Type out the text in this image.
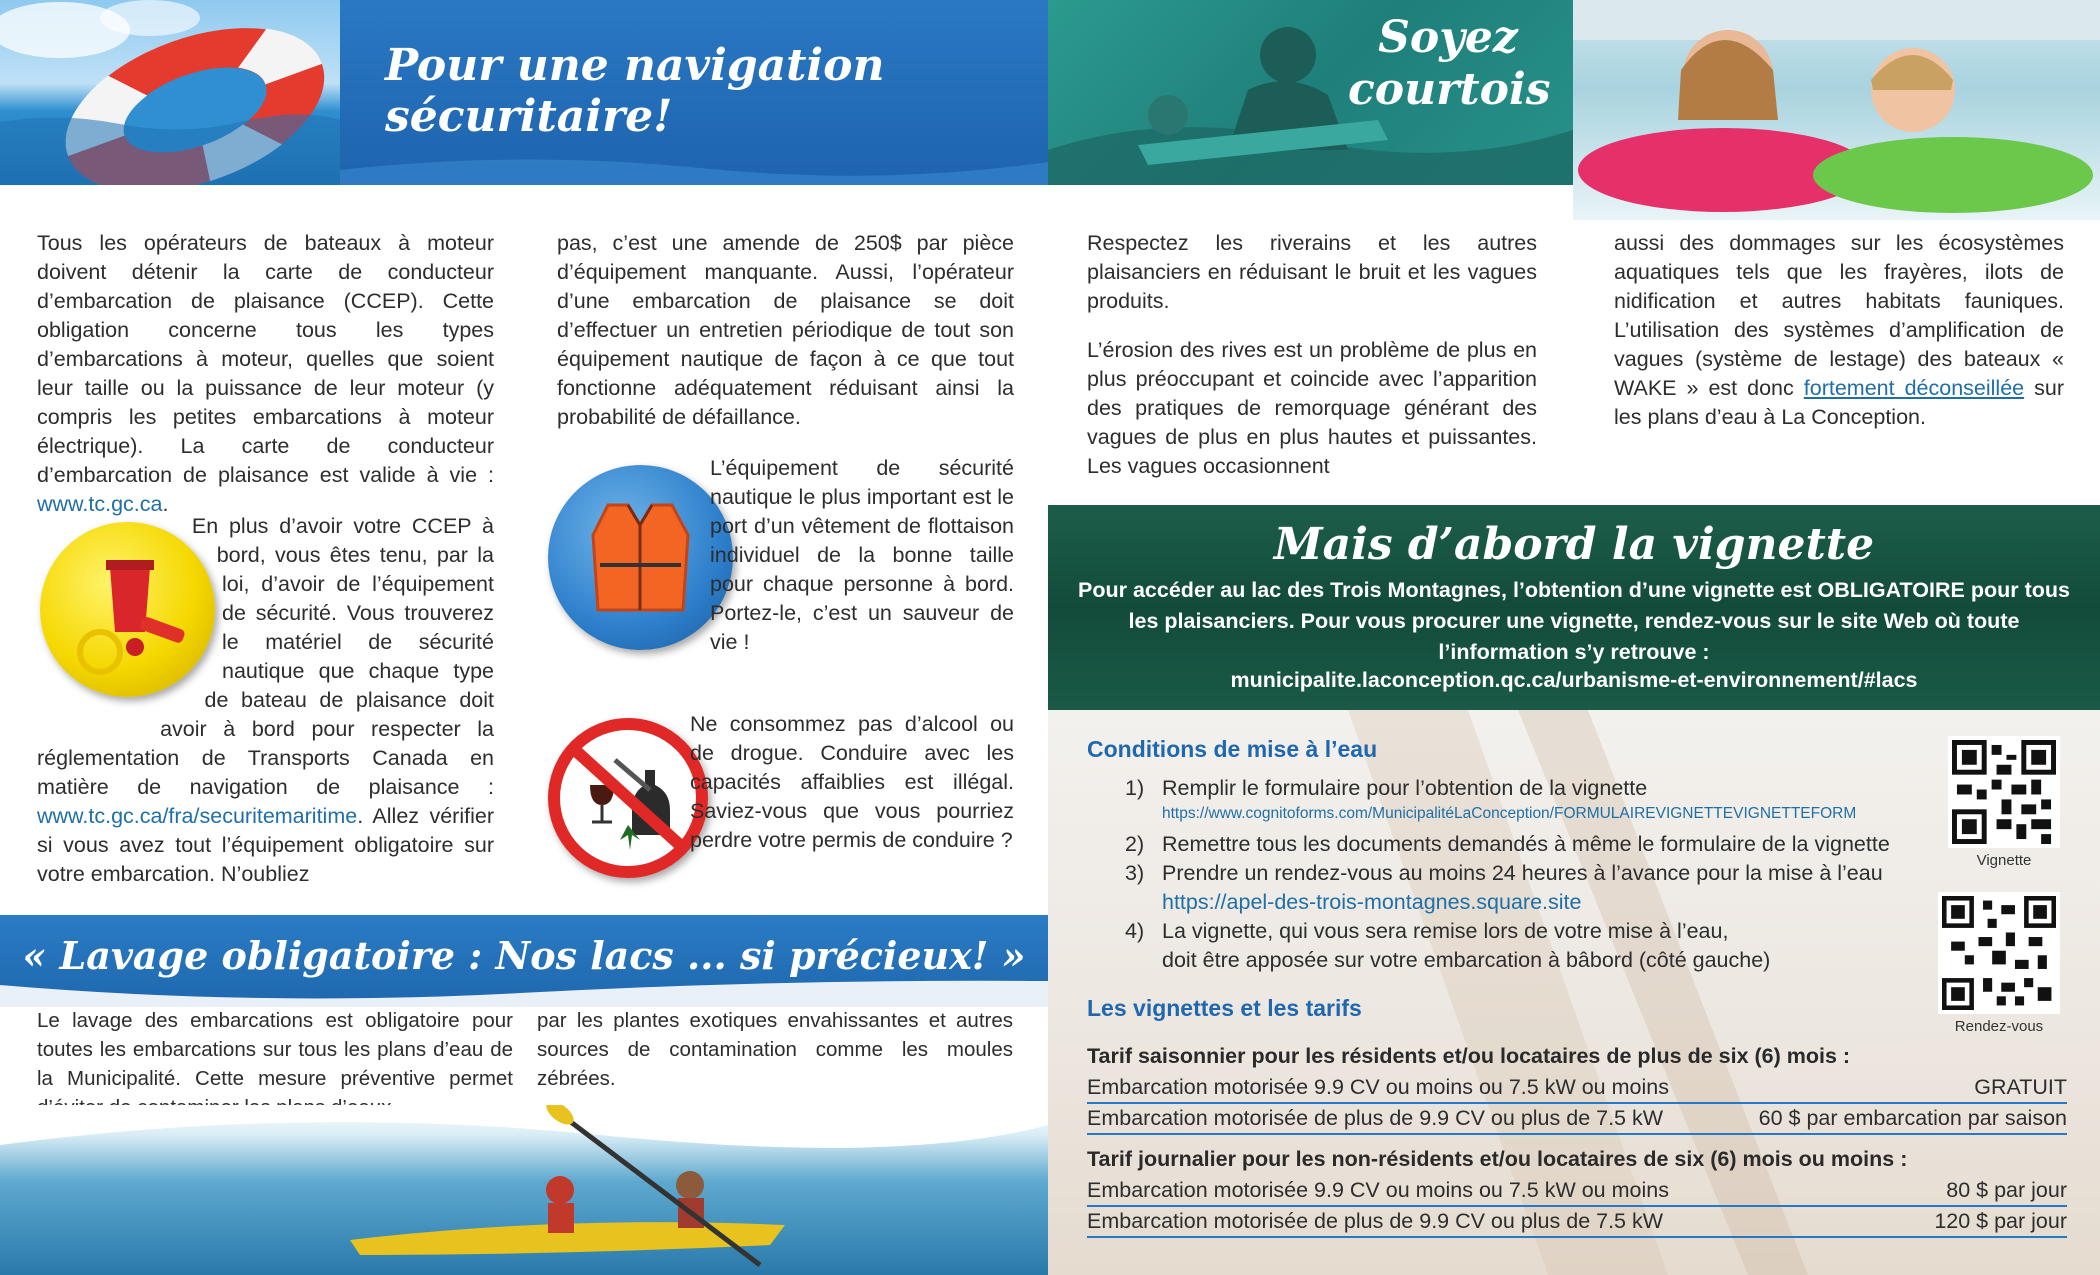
Pour une navigation sécuritaire!
Soyez
courtois
Tous les opérateurs de bateaux à moteur doivent détenir la carte de conducteur d’embarcation de plaisance (CCEP). Cette obligation concerne tous les types d’embarcations à moteur, quelles que soient leur taille ou la puissance de leur moteur (y compris les petites embarcations à moteur électrique). La carte de conducteur d’embarcation de plaisance est valide à vie : www.tc.gc.ca.
En plus d’avoir votre CCEP à bord, vous êtes tenu, par la loi, d’avoir de l’équipement de sécurité. Vous trouverez le matériel de sécurité nautique que chaque type de bateau de plaisance doit avoir à bord pour respecter la réglementation de Transports Canada en matière de navigation de plaisance : www.tc.gc.ca/fra/securitemaritime. Allez vérifier si vous avez tout l’équipement obligatoire sur votre embarcation. N’oubliez
pas, c’est une amende de 250$ par pièce d’équipement manquante. Aussi, l’opérateur d’une embarcation de plaisance se doit d’effectuer un entretien périodique de tout son équipement nautique de façon à ce que tout fonctionne adéquatement réduisant ainsi la probabilité de défaillance.
L’équipement de sécurité nautique le plus important est le port d’un vêtement de flottaison individuel de la bonne taille pour chaque personne à bord. Portez-le, c’est un sauveur de vie !
Ne consommez pas d’alcool ou de drogue. Conduire avec les capacités affaiblies est illégal. Saviez-vous que vous pourriez perdre votre permis de conduire ?
Respectez les riverains et les autres plaisanciers en réduisant le bruit et les vagues produits.
L’érosion des rives est un problème de plus en plus préoccupant et coincide avec l’apparition des pratiques de remorquage générant des vagues de plus en plus hautes et puissantes. Les vagues occasionnent
aussi des dommages sur les écosystèmes aquatiques tels que les frayères, ilots de nidification et autres habitats fauniques. L’utilisation des systèmes d’amplification de vagues (système de lestage) des bateaux « WAKE » est donc fortement déconseillée sur les plans d’eau à La Conception.
Mais d’abord la vignette
Pour accéder au lac des Trois Montagnes, l’obtention d’une vignette est OBLIGATOIRE pour tous les plaisanciers. Pour vous procurer une vignette, rendez-vous sur le site Web où toute l’information s’y retrouve :
municipalite.laconception.qc.ca/urbanisme-et-environnement/#lacs
Conditions de mise à l’eau
1) Remplir le formulaire pour l’obtention de la vignette
https://www.cognitoforms.com/MunicipalitéLaConception/FORMULAIREVIGNETTEVIGNETTEFORM
2) Remettre tous les documents demandés à même le formulaire de la vignette
3) Prendre un rendez-vous au moins 24 heures à l’avance pour la mise à l’eau
https://apel-des-trois-montagnes.square.site
4) La vignette, qui vous sera remise lors de votre mise à l’eau,
doit être apposée sur votre embarcation à bâbord (côté gauche)
Vignette
Rendez-vous
Les vignettes et les tarifs
Tarif saisonnier pour les résidents et/ou locataires de plus de six (6) mois :
Embarcation motorisée 9.9 CV ou moins ou 7.5 kW ou moins	GRATUIT
Embarcation motorisée de plus de 9.9 CV ou plus de 7.5 kW	60 $ par embarcation par saison
Tarif journalier pour les non-résidents et/ou locataires de six (6) mois ou moins :
Embarcation motorisée 9.9 CV ou moins ou 7.5 kW ou moins	80 $ par jour
Embarcation motorisée de plus de 9.9 CV ou plus de 7.5 kW	120 $ par jour
« Lavage obligatoire : Nos lacs ... si précieux! »
Le lavage des embarcations est obligatoire pour toutes les embarcations sur tous les plans d’eau de la Municipalité. Cette mesure préventive permet
par les plantes exotiques envahissantes et autres sources de contamination comme les moules zébrées.
